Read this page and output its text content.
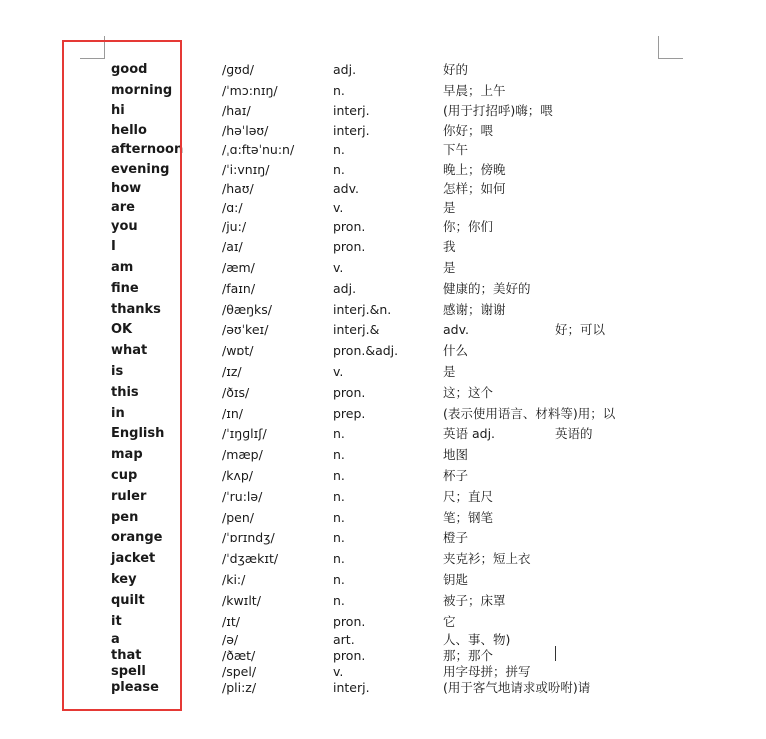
good	/ɡʊd/	adj.	好的
morning	/ˈmɔ:nɪŋ/	n.	早晨；上午
hi	/haɪ/	interj.	(用于打招呼)嗨；喂
hello	/həˈləʊ/	interj.	你好；喂
afternoon	/ˌɑ:ftəˈnu:n/	n.	下午
evening	/ˈi:vnɪŋ/	n.	晚上；傍晚
how	/haʊ/	adv.	怎样；如何
are	/ɑ:/	v.	是
you	/ju:/	pron.	你；你们
I	/aɪ/	pron.	我
am	/æm/	v.	是
fine	/faɪn/	adj.	健康的；美好的
thanks	/θæŋks/	interj.&n.	感谢；谢谢
OK	/əʊˈkeɪ/	interj.&	adv.	好；可以
what	/wɒt/	pron.&adj.	什么
is	/ɪz/	v.	是
this	/ðɪs/	pron.	这；这个
in	/ɪn/	prep.	(表示使用语言、材料等)用；以
English	/ˈɪŋɡlɪʃ/	n.	英语 adj.	英语的
map	/mæp/	n.	地图
cup	/kʌp/	n.	杯子
ruler	/ˈru:lə/	n.	尺；直尺
pen	/pen/	n.	笔；钢笔
orange	/ˈɒrɪndʒ/	n.	橙子
jacket	/ˈdʒækɪt/	n.	夹克衫；短上衣
key	/ki:/	n.	钥匙
quilt	/kwɪlt/	n.	被子；床罩
it	/ɪt/	pron.	它
a	/ə/	art.	人、事、物)
that	/ðæt/	pron.	那；那个
spell	/spel/	v.	用字母拼；拼写
please	/pli:z/	interj.	(用于客气地请求或吩咐)请
